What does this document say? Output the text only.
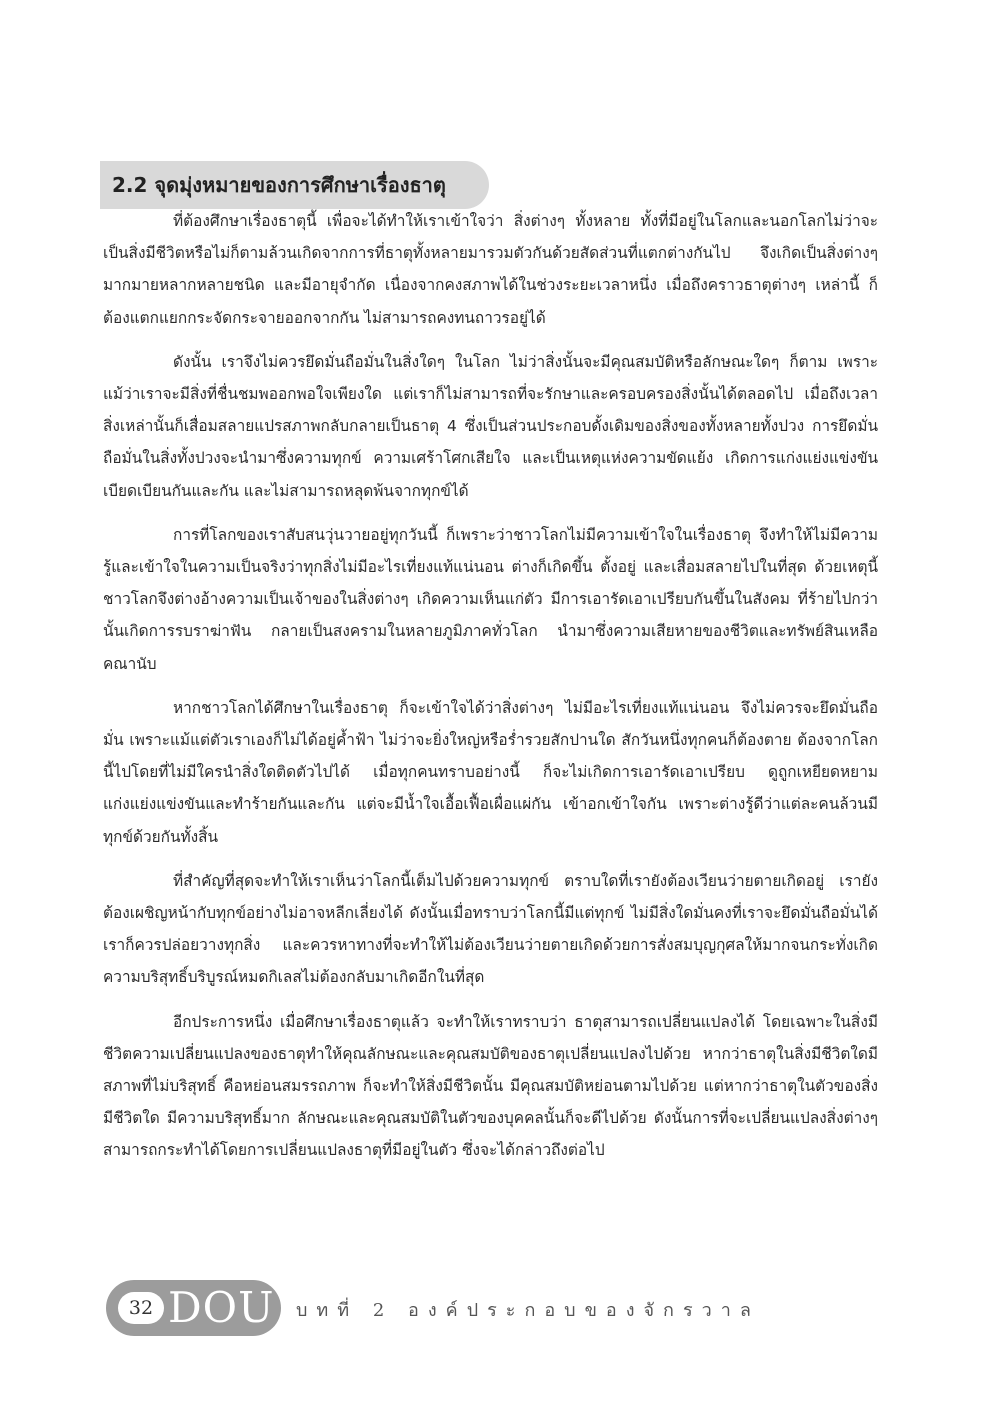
2.2 จุดมุ่งหมายของการศึกษาเรื่องธาตุ

ที่ต้องศึกษาเรื่องธาตุนี้ เพื่อจะได้ทำให้เราเข้าใจว่า สิ่งต่างๆ ทั้งหลาย ทั้งที่มีอยู่ในโลกและนอกโลกไม่ว่าจะเป็นสิ่งมีชีวิตหรือไม่ก็ตามล้วนเกิดจากการที่ธาตุทั้งหลายมารวมตัวกันด้วยสัดส่วนที่แตกต่างกันไป จึงเกิดเป็นสิ่งต่างๆ มากมายหลากหลายชนิด และมีอายุจำกัด เนื่องจากคงสภาพได้ในช่วงระยะเวลาหนึ่ง เมื่อถึงคราวธาตุต่างๆ เหล่านี้ ก็ต้องแตกแยกกระจัดกระจายออกจากกัน ไม่สามารถคงทนถาวรอยู่ได้

ดังนั้น เราจึงไม่ควรยึดมั่นถือมั่นในสิ่งใดๆ ในโลก ไม่ว่าสิ่งนั้นจะมีคุณสมบัติหรือลักษณะใดๆ ก็ตาม เพราะแม้ว่าเราจะมีสิ่งที่ชื่นชมพออกพอใจเพียงใด แต่เราก็ไม่สามารถที่จะรักษาและครอบครองสิ่งนั้นได้ตลอดไป เมื่อถึงเวลาสิ่งเหล่านั้นก็เสื่อมสลายแปรสภาพกลับกลายเป็นธาตุ 4 ซึ่งเป็นส่วนประกอบดั้งเดิมของสิ่งของทั้งหลายทั้งปวง การยึดมั่นถือมั่นในสิ่งทั้งปวงจะนำมาซึ่งความทุกข์ ความเศร้าโศกเสียใจ และเป็นเหตุแห่งความขัดแย้ง เกิดการแก่งแย่งแข่งขัน เบียดเบียนกันและกัน และไม่สามารถหลุดพ้นจากทุกข์ได้

การที่โลกของเราสับสนวุ่นวายอยู่ทุกวันนี้ ก็เพราะว่าชาวโลกไม่มีความเข้าใจในเรื่องธาตุ จึงทำให้ไม่มีความรู้และเข้าใจในความเป็นจริงว่าทุกสิ่งไม่มีอะไรเที่ยงแท้แน่นอน ต่างก็เกิดขึ้น ตั้งอยู่ และเสื่อมสลายไปในที่สุด ด้วยเหตุนี้ ชาวโลกจึงต่างอ้างความเป็นเจ้าของในสิ่งต่างๆ เกิดความเห็นแก่ตัว มีการเอารัดเอาเปรียบกันขึ้นในสังคม ที่ร้ายไปกว่านั้นเกิดการรบราฆ่าฟัน กลายเป็นสงครามในหลายภูมิภาคทั่วโลก นำมาซึ่งความเสียหายของชีวิตและทรัพย์สินเหลือคณานับ

หากชาวโลกได้ศึกษาในเรื่องธาตุ ก็จะเข้าใจได้ว่าสิ่งต่างๆ ไม่มีอะไรเที่ยงแท้แน่นอน จึงไม่ควรจะยึดมั่นถือมั่น เพราะแม้แต่ตัวเราเองก็ไม่ได้อยู่ค้ำฟ้า ไม่ว่าจะยิ่งใหญ่หรือร่ำรวยสักปานใด สักวันหนึ่งทุกคนก็ต้องตาย ต้องจากโลกนี้ไปโดยที่ไม่มีใครนำสิ่งใดติดตัวไปได้ เมื่อทุกคนทราบอย่างนี้ ก็จะไม่เกิดการเอารัดเอาเปรียบ ดูถูกเหยียดหยาม แก่งแย่งแข่งขันและทำร้ายกันและกัน แต่จะมีน้ำใจเอื้อเฟื้อเผื่อแผ่กัน เข้าอกเข้าใจกัน เพราะต่างรู้ดีว่าแต่ละคนล้วนมีทุกข์ด้วยกันทั้งสิ้น

ที่สำคัญที่สุดจะทำให้เราเห็นว่าโลกนี้เต็มไปด้วยความทุกข์ ตราบใดที่เรายังต้องเวียนว่ายตายเกิดอยู่ เรายังต้องเผชิญหน้ากับทุกข์อย่างไม่อาจหลีกเลี่ยงได้ ดังนั้นเมื่อทราบว่าโลกนี้มีแต่ทุกข์ ไม่มีสิ่งใดมั่นคงที่เราจะยึดมั่นถือมั่นได้ เราก็ควรปล่อยวางทุกสิ่ง และควรหาทางที่จะทำให้ไม่ต้องเวียนว่ายตายเกิดด้วยการสั่งสมบุญกุศลให้มากจนกระทั่งเกิดความบริสุทธิ์บริบูรณ์หมดกิเลสไม่ต้องกลับมาเกิดอีกในที่สุด

อีกประการหนึ่ง เมื่อศึกษาเรื่องธาตุแล้ว จะทำให้เราทราบว่า ธาตุสามารถเปลี่ยนแปลงได้ โดยเฉพาะในสิ่งมีชีวิตความเปลี่ยนแปลงของธาตุทำให้คุณลักษณะและคุณสมบัติของธาตุเปลี่ยนแปลงไปด้วย หากว่าธาตุในสิ่งมีชีวิตใดมีสภาพที่ไม่บริสุทธิ์ คือหย่อนสมรรถภาพ ก็จะทำให้สิ่งมีชีวิตนั้น มีคุณสมบัติหย่อนตามไปด้วย แต่หากว่าธาตุในตัวของสิ่งมีชีวิตใด มีความบริสุทธิ์มาก ลักษณะและคุณสมบัติในตัวของบุคคลนั้นก็จะดีไปด้วย ดังนั้นการที่จะเปลี่ยนแปลงสิ่งต่างๆ สามารถกระทำได้โดยการเปลี่ยนแปลงธาตุที่มีอยู่ในตัว ซึ่งจะได้กล่าวถึงต่อไป

32 DOU บทที่ 2 องค์ประกอบของจักรวาล
